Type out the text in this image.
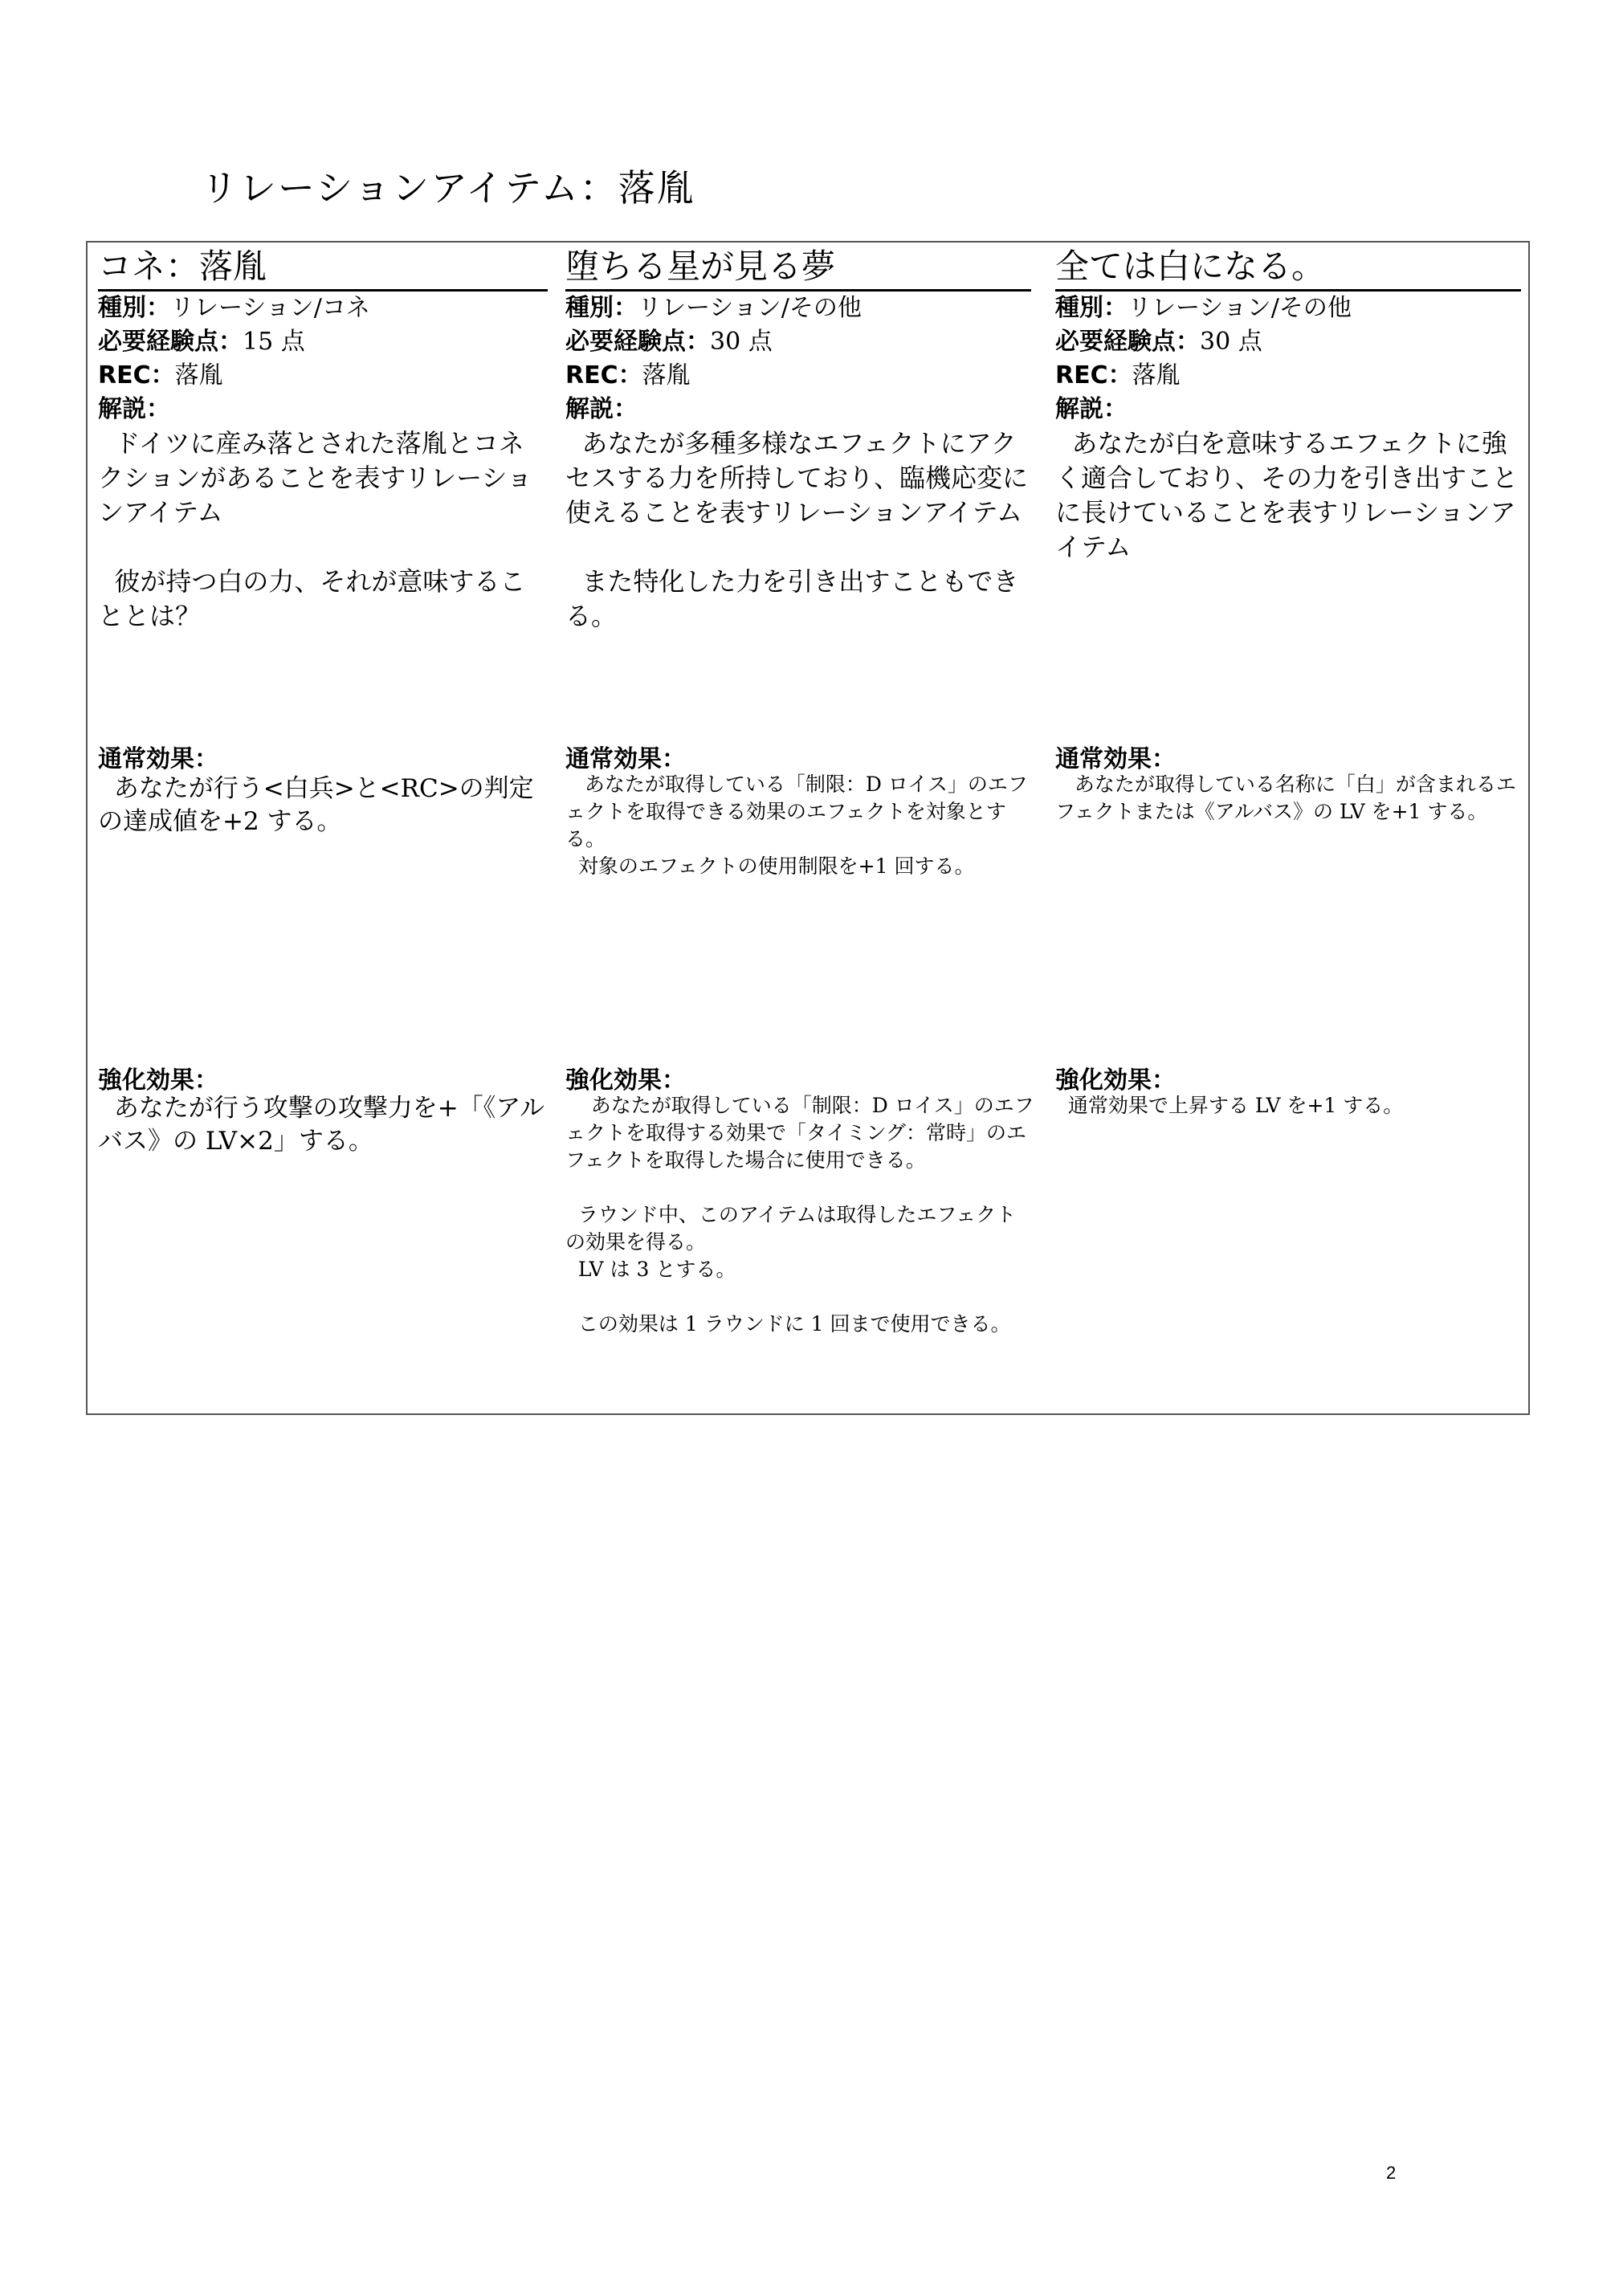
リレーションアイテム：落胤
コネ：落胤
種別：リレーション/コネ
必要経験点：15 点
REC：落胤
解説：
ドイツに産み落とされた落胤とコネクションがあることを表すリレーションアイテム

彼が持つ白の力、それが意味することとは？
堕ちる星が見る夢
種別：リレーション/その他
必要経験点：30 点
REC：落胤
解説：
あなたが多種多様なエフェクトにアクセスする力を所持しており、臨機応変に使えることを表すリレーションアイテム

また特化した力を引き出すこともできる。
全ては白になる。
種別：リレーション/その他
必要経験点：30 点
REC：落胤
解説：
あなたが白を意味するエフェクトに強く適合しており、その力を引き出すことに長けていることを表すリレーションアイテム
通常効果：
あなたが行う<白兵>と<RC>の判定の達成値を+2 する。
通常効果：
あなたが取得している「制限：D ロイス」のエフェクトを取得できる効果のエフェクトを対象とする。
対象のエフェクトの使用制限を+1 回する。
通常効果：
あなたが取得している名称に「白」が含まれるエフェクトまたは《アルバス》の LV を+1 する。
強化効果：
あなたが行う攻撃の攻撃力を+「《アルバス》の LV×2」する。
強化効果：
あなたが取得している「制限：D ロイス」のエフェクトを取得する効果で「タイミング：常時」のエフェクトを取得した場合に使用できる。

ラウンド中、このアイテムは取得したエフェクトの効果を得る。
LV は 3 とする。

この効果は 1 ラウンドに 1 回まで使用できる。
強化効果：
通常効果で上昇する LV を+1 する。
2
